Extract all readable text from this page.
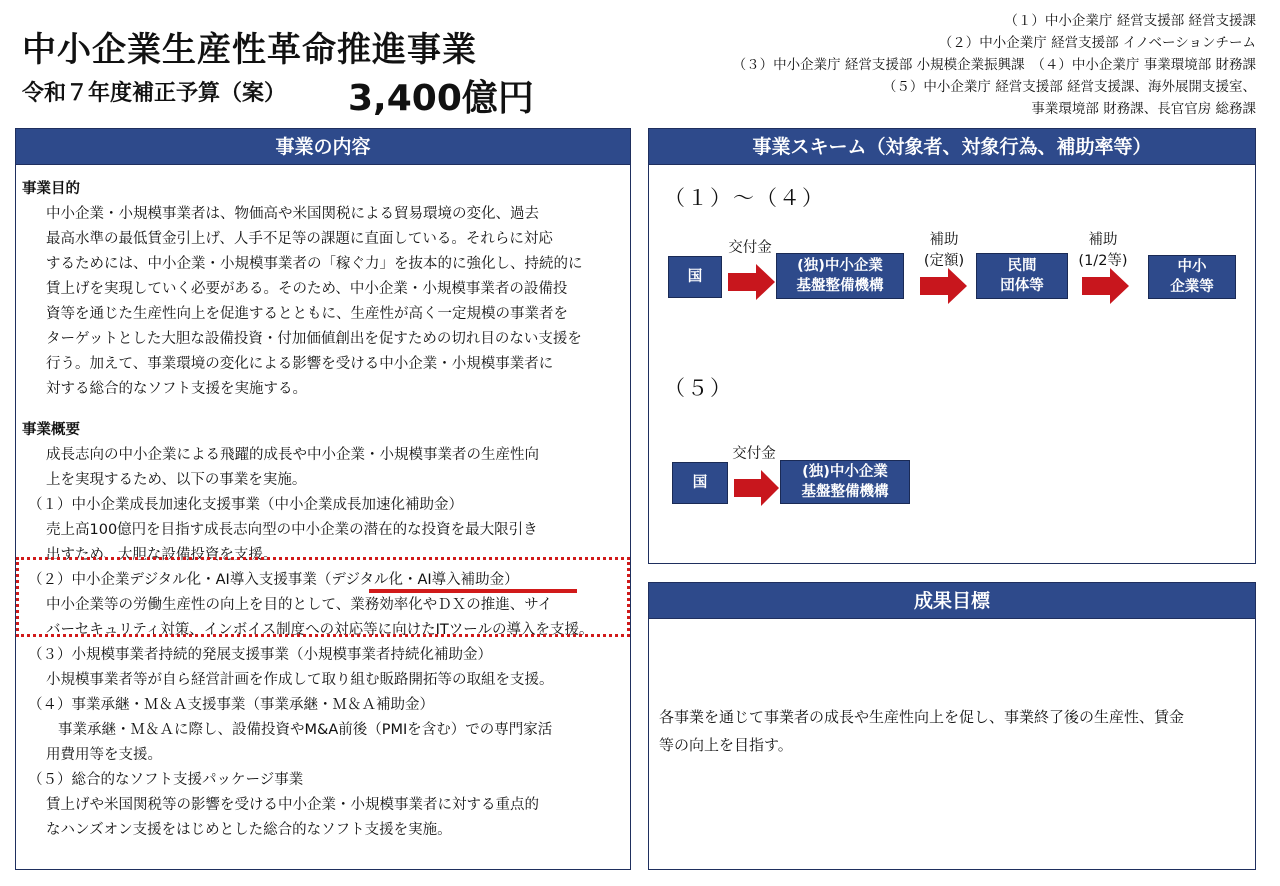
中小企業生産性革命推進事業
令和７年度補正予算（案） 3,400億円
（１）中小企業庁 経営支援部 経営支援課
（２）中小企業庁 経営支援部 イノベーションチーム
（３）中小企業庁 経営支援部 小規模企業振興課　（４）中小企業庁 事業環境部 財務課
（５）中小企業庁 経営支援部 経営支援課、海外展開支援室、
事業環境部 財務課、長官官房 総務課
事業の内容
事業目的
中小企業・小規模事業者は、物価高や米国関税による貿易環境の変化、過去
最高水準の最低賃金引上げ、人手不足等の課題に直面している。それらに対応
するためには、中小企業・小規模事業者の「稼ぐ力」を抜本的に強化し、持続的に
賃上げを実現していく必要がある。そのため、中小企業・小規模事業者の設備投
資等を通じた生産性向上を促進するとともに、生産性が高く一定規模の事業者を
ターゲットとした大胆な設備投資・付加価値創出を促すための切れ目のない支援を
行う。加えて、事業環境の変化による影響を受ける中小企業・小規模事業者に
対する総合的なソフト支援を実施する。
事業概要
成長志向の中小企業による飛躍的成長や中小企業・小規模事業者の生産性向
上を実現するため、以下の事業を実施。
（１）中小企業成長加速化支援事業（中小企業成長加速化補助金）
売上高100億円を目指す成長志向型の中小企業の潜在的な投資を最大限引き
出すため、大胆な設備投資を支援。
（２）中小企業デジタル化・AI導入支援事業（デジタル化・AI導入補助金）
中小企業等の労働生産性の向上を目的として、業務効率化やＤＸの推進、サイ
バーセキュリティ対策、インボイス制度への対応等に向けたITツールの導入を支援。
（３）小規模事業者持続的発展支援事業（小規模事業者持続化補助金）
小規模事業者等が自ら経営計画を作成して取り組む販路開拓等の取組を支援。
（４）事業承継・Ｍ＆Ａ支援事業（事業承継・Ｍ＆Ａ補助金）
事業承継・Ｍ＆Ａに際し、設備投資やM&A前後（PMIを含む）での専門家活
用費用等を支援。
（５）総合的なソフト支援パッケージ事業
賃上げや米国関税等の影響を受ける中小企業・小規模事業者に対する重点的
なハンズオン支援をはじめとした総合的なソフト支援を実施。
事業スキーム（対象者、対象行為、補助率等）
（１）～（４）
国
交付金
(独)中小企業
基盤整備機構
補助
(定額)	民間
団体等
補助
(1/2等)	中小
企業等
（５）
国
交付金
(独)中小企業
基盤整備機構
成果目標
各事業を通じて事業者の成長や生産性向上を促し、事業終了後の生産性、賃金
等の向上を目指す。
